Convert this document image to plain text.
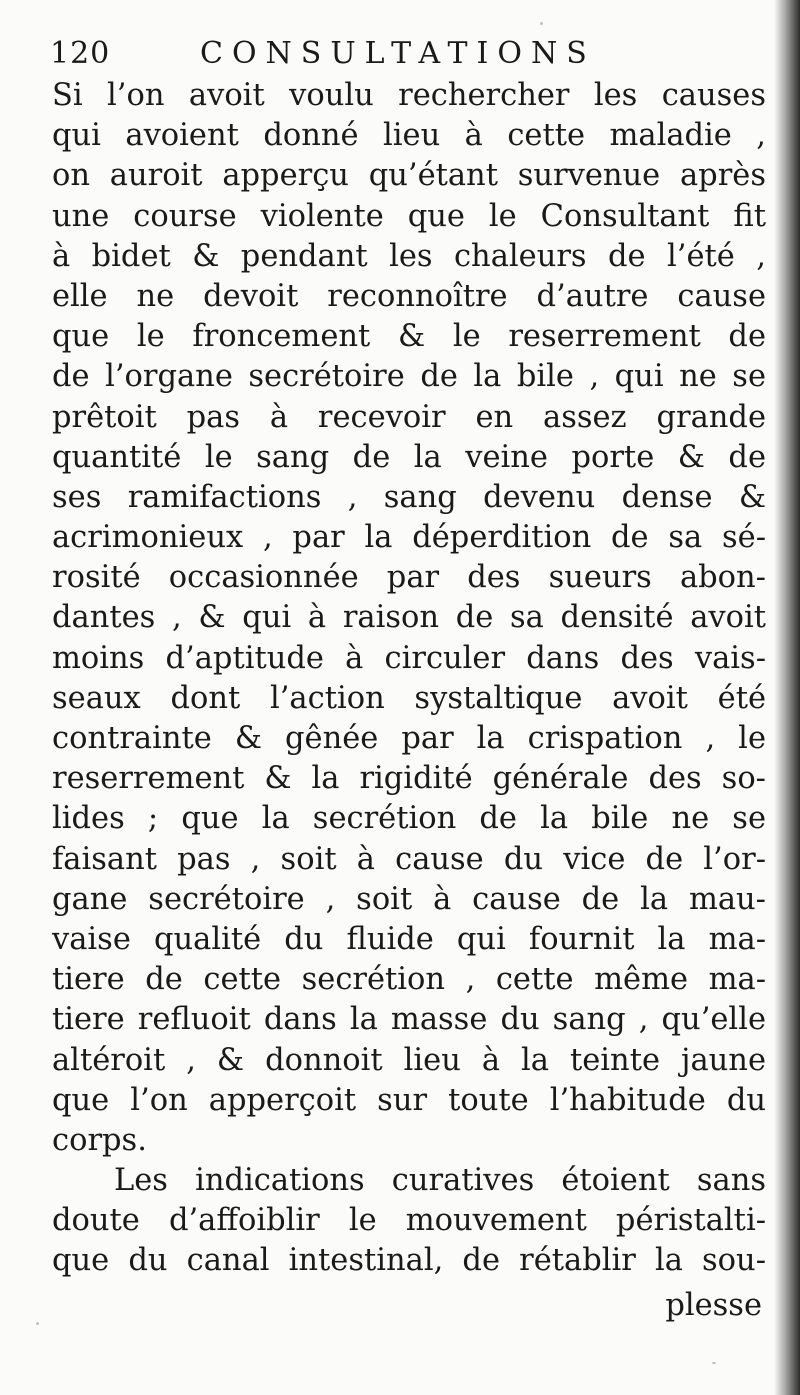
120	CONSULTATIONS
Si l’on avoit voulu rechercher les causes
qui avoient donné lieu à cette maladie ,
on auroit apperçu qu’étant survenue après
une course violente que le Consultant fit
à bidet & pendant les chaleurs de l’été ,
elle ne devoit reconnoître d’autre cause
que le froncement & le reserrement de
de l’organe secrétoire de la bile , qui ne se
prêtoit pas à recevoir en assez grande
quantité le sang de la veine porte & de
ses ramifactions , sang devenu dense &
acrimonieux , par la déperdition de sa sé-
rosité occasionnée par des sueurs abon-
dantes , & qui à raison de sa densité avoit
moins d’aptitude à circuler dans des vais-
seaux dont l’action systaltique avoit été
contrainte & gênée par la crispation , le
reserrement & la rigidité générale des so-
lides ; que la secrétion de la bile ne se
faisant pas , soit à cause du vice de l’or-
gane secrétoire , soit à cause de la mau-
vaise qualité du fluide qui fournit la ma-
tiere de cette secrétion , cette même ma-
tiere refluoit dans la masse du sang , qu’elle
altéroit , & donnoit lieu à la teinte jaune
que l’on apperçoit sur toute l’habitude du
corps.
Les indications curatives étoient sans
doute d’affoiblir le mouvement péristalti-
que du canal intestinal, de rétablir la sou-
plesse
